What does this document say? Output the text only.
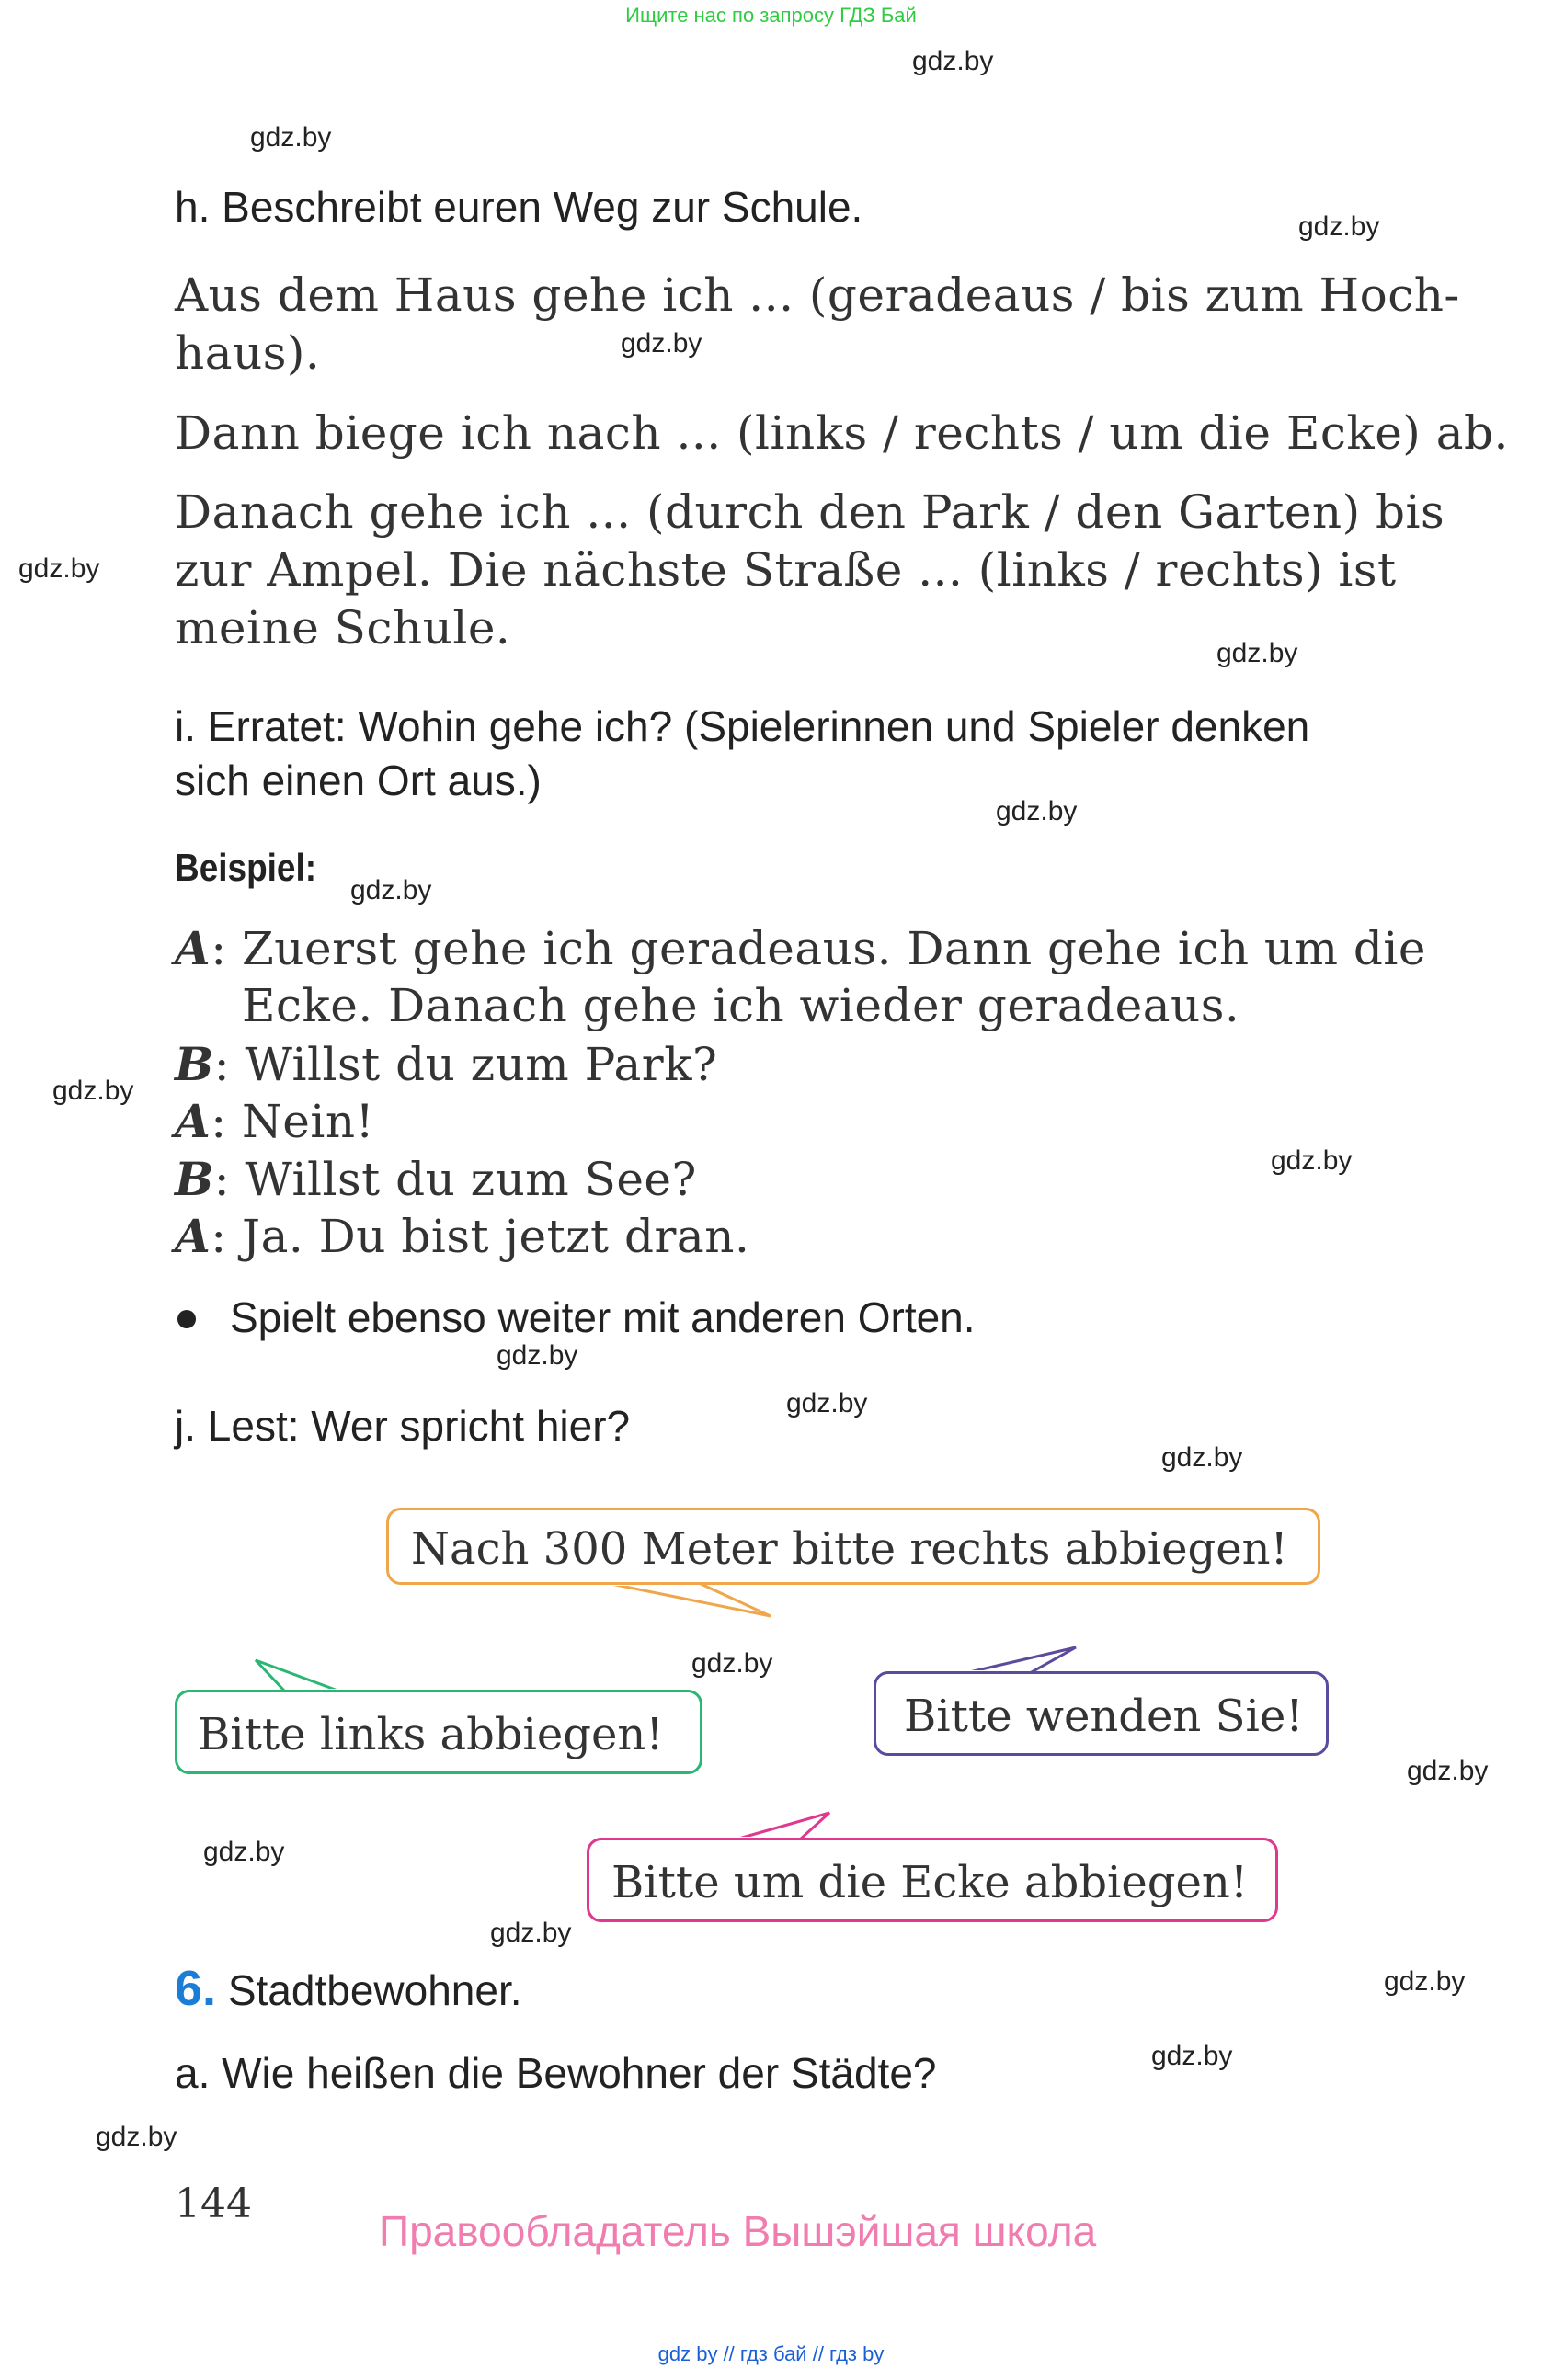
Ищите нас по запросу ГДЗ Бай
gdz.by
gdz.by
gdz.by
gdz.by
gdz.by
gdz.by
gdz.by
gdz.by
gdz.by
gdz.by
gdz.by
gdz.by
gdz.by
gdz.by
gdz.by
gdz.by
gdz.by
gdz.by
gdz.by
gdz.by
h. Beschreibt euren Weg zur Schule.
Aus dem Haus gehe ich ... (geradeaus / bis zum Hoch-
haus).
Dann biege ich nach ... (links / rechts / um die Ecke) ab.
Danach gehe ich ... (durch den Park / den Garten) bis
zur Ampel. Die nächste Straße ... (links / rechts) ist
meine Schule.
i. Erratet: Wohin gehe ich? (Spielerinnen und Spieler denken
sich einen Ort aus.)
Beispiel:
A: Zuerst gehe ich geradeaus. Dann gehe ich um die
Ecke. Danach gehe ich wieder geradeaus.
B: Willst du zum Park?
A: Nein!
B: Willst du zum See?
A: Ja. Du bist jetzt dran.
Spielt ebenso weiter mit anderen Orten.
j. Lest: Wer spricht hier?
Nach 300 Meter bitte rechts abbiegen!
Bitte links abbiegen!	Bitte wenden Sie!
Bitte um die Ecke abbiegen!
6. Stadtbewohner.
a. Wie heißen die Bewohner der Städte?
144
Правообладатель Вышэйшая школа
gdz by // гдз бай // гдз by
